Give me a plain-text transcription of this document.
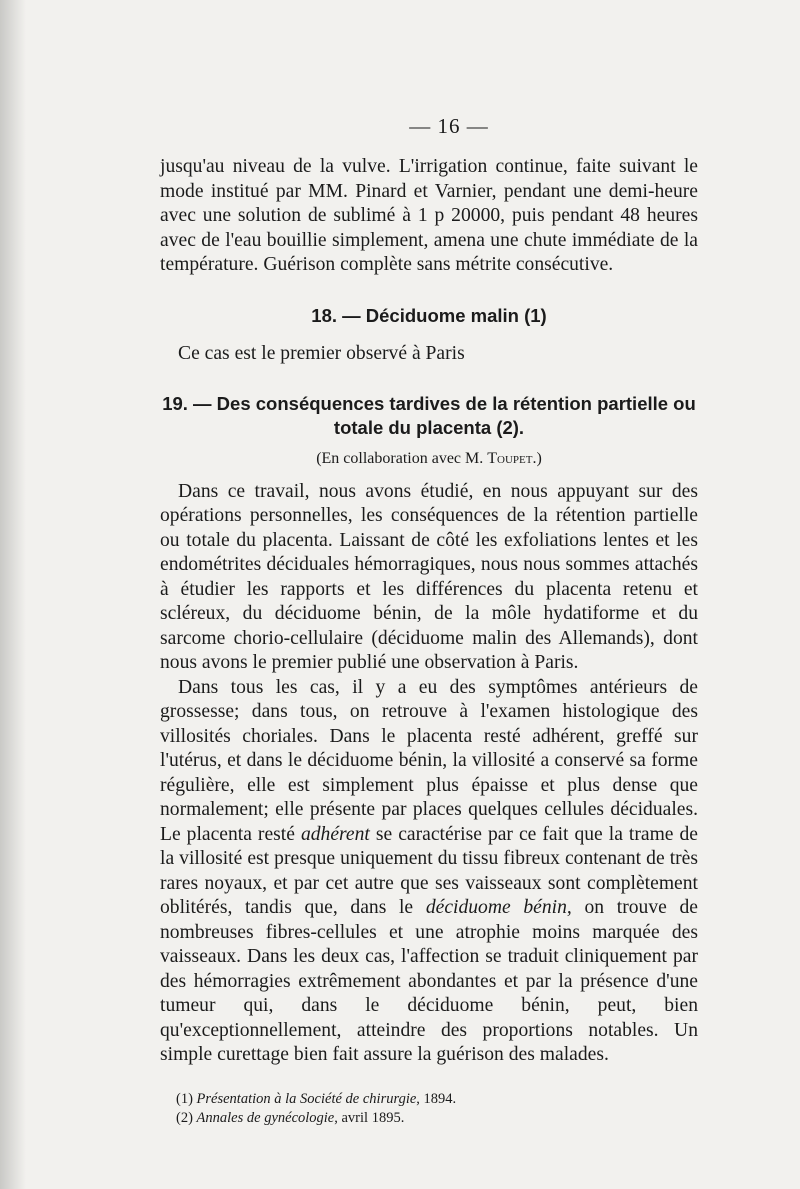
— 16 —

jusqu'au niveau de la vulve. L'irrigation continue, faite suivant le mode institué par MM. Pinard et Varnier, pendant une demi-heure avec une solution de sublimé à 1 p 20000, puis pendant 48 heures avec de l'eau bouillie simplement, amena une chute immédiate de la température. Guérison complète sans métrite consécutive.

18. — Déciduome malin (1)
Ce cas est le premier observé à Paris
19. — Des conséquences tardives de la rétention partielle ou
totale du placenta (2).
(En collaboration avec M. Toupet.)

Dans ce travail, nous avons étudié, en nous appuyant sur des opérations personnelles, les conséquences de la rétention partielle ou totale du placenta. Laissant de côté les exfoliations lentes et les endométrites déciduales hémorragiques, nous nous sommes attachés à étudier les rapports et les différences du placenta retenu et scléreux, du déciduome bénin, de la môle hydatiforme et du sarcome chorio-cellulaire (déciduome malin des Allemands), dont nous avons le premier publié une observation à Paris.

Dans tous les cas, il y a eu des symptômes antérieurs de grossesse; dans tous, on retrouve à l'examen histologique des villosités choriales. Dans le placenta resté adhérent, greffé sur l'utérus, et dans le déciduome bénin, la villosité a conservé sa forme régulière, elle est simplement plus épaisse et plus dense que normalement; elle présente par places quelques cellules déciduales. Le placenta resté adhérent se caractérise par ce fait que la trame de la villosité est presque uniquement du tissu fibreux contenant de très rares noyaux, et par cet autre que ses vaisseaux sont complètement oblitérés, tandis que, dans le déciduome bénin, on trouve de nombreuses fibres-cellules et une atrophie moins marquée des vaisseaux. Dans les deux cas, l'affection se traduit cliniquement par des hémorragies extrêmement abondantes et par la présence d'une tumeur qui, dans le déciduome bénin, peut, bien qu'exceptionnellement, atteindre des proportions notables. Un simple curettage bien fait assure la guérison des malades.

(1) Présentation à la Société de chirurgie, 1894.
(2) Annales de gynécologie, avril 1895.
